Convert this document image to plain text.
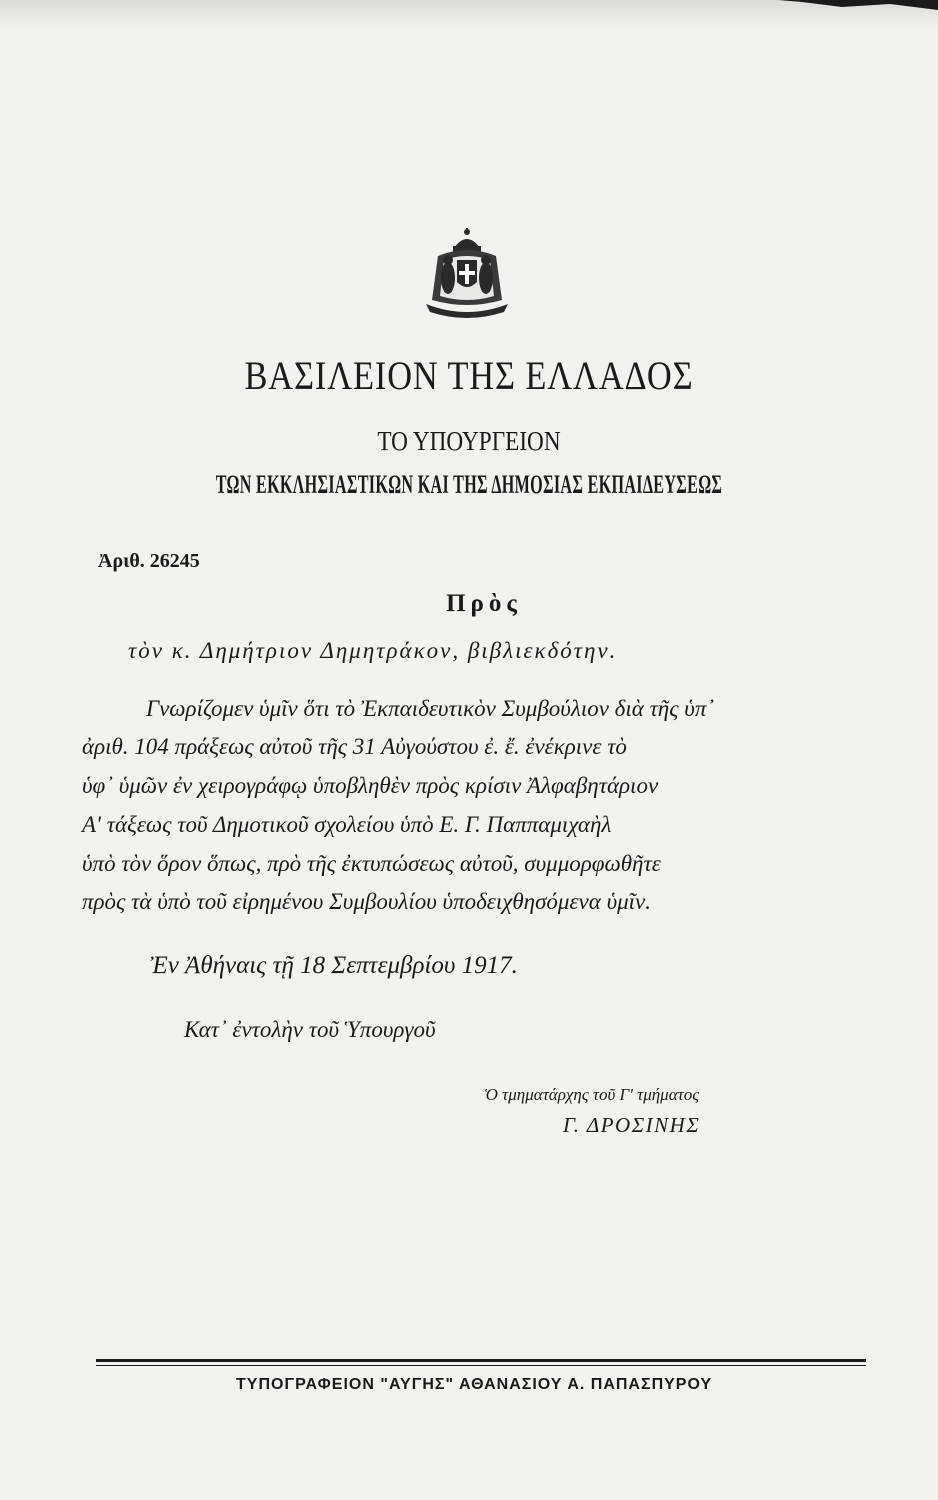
ΒΑΣΙΛΕΙΟΝ ΤΗΣ ΕΛΛΑΔΟΣ
ΤΟ ΥΠΟΥΡΓΕΙΟΝ
ΤΩΝ ΕΚΚΛΗΣΙΑΣΤΙΚΩΝ ΚΑΙ ΤΗΣ ΔΗΜΟΣΙΑΣ ΕΚΠΑΙΔΕΥΣΕΩΣ
Ἀριθ. 26245
Πρὸς
τὸν κ. Δημήτριον Δημητράκον, βιβλιεκδότην.
Γνωρίζομεν ὑμῖν ὅτι τὸ Ἐκπαιδευτικὸν Συμβούλιον διὰ τῆς ὑπ᾽
ἀριθ. 104 πράξεως αὐτοῦ τῆς 31 Αὐγούστου ἐ. ἔ. ἐνέκρινε τὸ
ὑφ᾽ ὑμῶν ἐν χειρογράφῳ ὑποβληθὲν πρὸς κρίσιν Ἀλφαβητάριον
Α' τάξεως τοῦ Δημοτικοῦ σχολείου ὑπὸ Ε. Γ. Παππαμιχαὴλ
ὑπὸ τὸν ὅρον ὅπως, πρὸ τῆς ἐκτυπώσεως αὐτοῦ, συμμορφωθῆτε
πρὸς τὰ ὑπὸ τοῦ εἰρημένου Συμβουλίου ὑποδειχθησόμενα ὑμῖν.
Ἐν Ἀθήναις τῇ 18 Σεπτεμβρίου 1917.
Κατ᾽ ἐντολὴν τοῦ Ὑπουργοῦ
Ὁ τμηματάρχης τοῦ Γ' τμήματος
Γ. ΔΡΟΣΙΝΗΣ
ΤΥΠΟΓΡΑΦΕΙΟΝ "ΑΥΓΗΣ" ΑΘΑΝΑΣΙΟΥ Α. ΠΑΠΑΣΠΥΡΟΥ
